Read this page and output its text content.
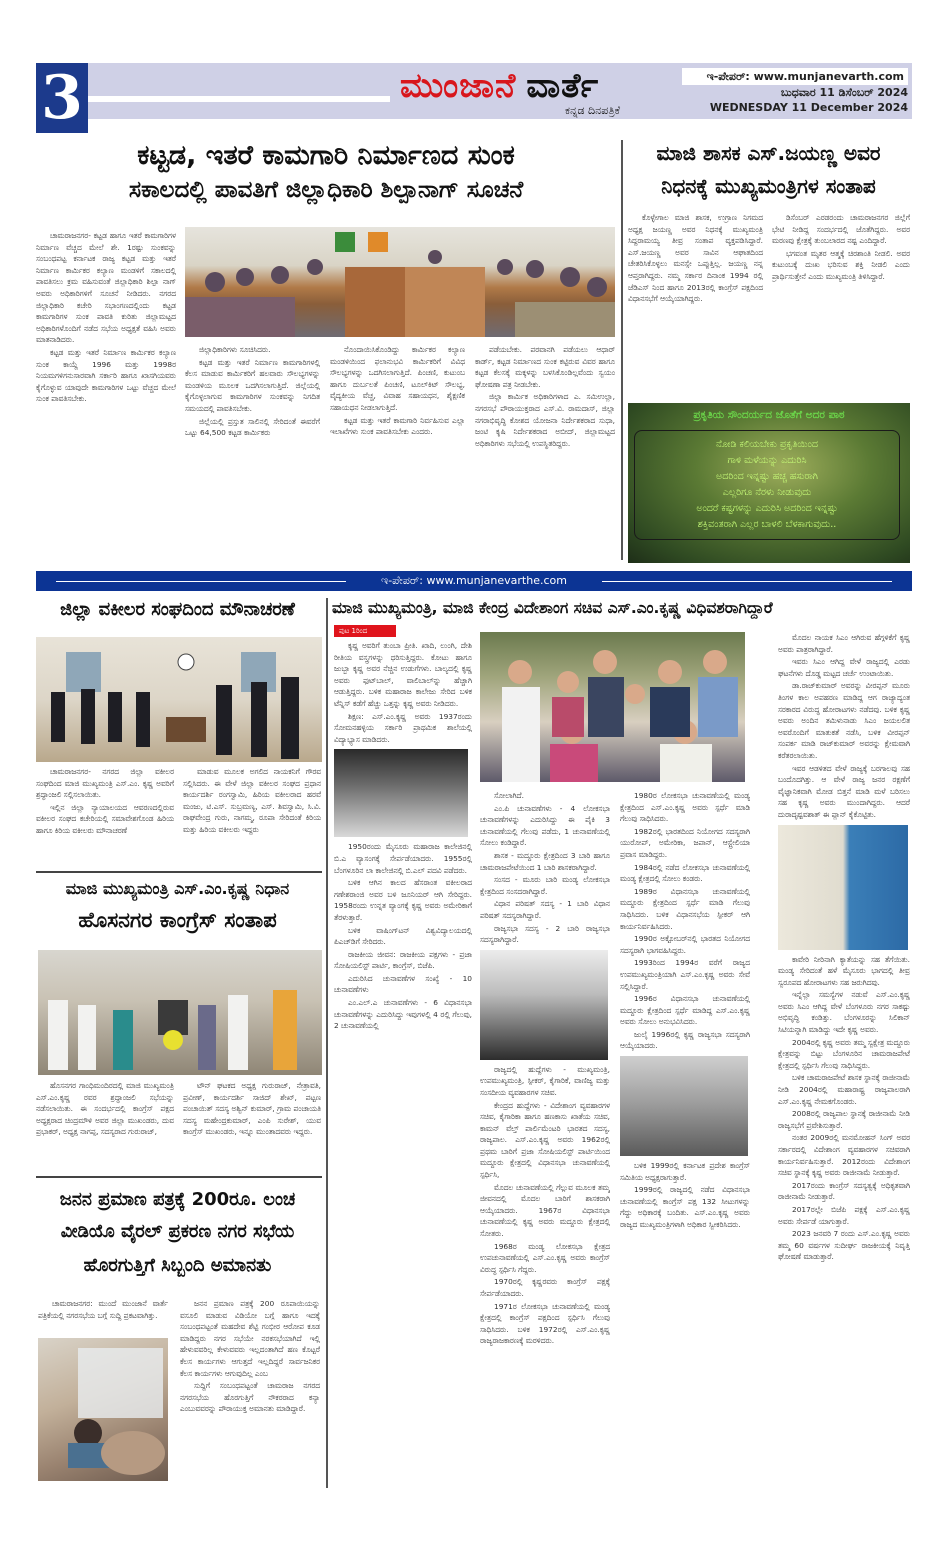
3	ಮುಂಜಾನೆ ವಾರ್ತೆ
ಕನ್ನಡ ದಿನಪತ್ರಿಕೆ
ಇ-ಪೇಪರ್: www.munjanevarth.com
ಬುಧವಾರ 11 ಡಿಸೆಂಬರ್ 2024
WEDNESDAY 11 December 2024
ಕಟ್ಟಡ, ಇತರೆ ಕಾಮಗಾರಿ ನಿರ್ಮಾಣದ ಸುಂಕ
ಸಕಾಲದಲ್ಲಿ ಪಾವತಿಗೆ ಜಿಲ್ಲಾಧಿಕಾರಿ ಶಿಲ್ಪಾನಾಗ್ ಸೂಚನೆ

ಚಾಮರಾಜನಗರ- ಕಟ್ಟಡ ಹಾಗೂ ಇತರೆ ಕಾಮಗಾರಿಗಳ ನಿರ್ಮಾಣ ವೆಚ್ಚದ ಮೇಲೆ ಶೇ. 1ರಷ್ಟು ಸುಂಕವನ್ನು ಸಂಬಂಧಪಟ್ಟ ಕರ್ನಾಟಕ ರಾಜ್ಯ ಕಟ್ಟಡ ಮತ್ತು ಇತರೆ ನಿರ್ಮಾಣ ಕಾರ್ಮಿಕರ ಕಲ್ಯಾಣ ಮಂಡಳಿಗೆ ಸಕಾಲದಲ್ಲಿ ಪಾವತಿಸಲು ಕ್ರಮ ವಹಿಸುವಂತೆ ಜಿಲ್ಲಾಧಿಕಾರಿ ಶಿಲ್ಪಾ ನಾಗ್ ಅವರು ಅಧಿಕಾರಿಗಳಿಗೆ ಸೂಚನೆ ನೀಡಿದರು. ನಗರದ ಜಿಲ್ಲಾಧಿಕಾರಿ ಕಚೇರಿ ಸಭಾಂಗಣದಲ್ಲಿಂದು ಕಟ್ಟಡ ಕಾಮಗಾರಿಗಳ ಸುಂಕ ಪಾವತಿ ಕುರಿತು ಜಿಲ್ಲಾಮಟ್ಟದ ಅಧಿಕಾರಿಗಳೊಂದಿಗೆ ನಡೆದ ಸಭೆಯ ಅಧ್ಯಕ್ಷತೆ ವಹಿಸಿ ಅವರು ಮಾತನಾಡಿದರು.

ಕಟ್ಟಡ ಮತ್ತು ಇತರೆ ನಿರ್ಮಾಣ ಕಾರ್ಮಿಕರ ಕಲ್ಯಾಣ ಸುಂಕ ಕಾಯ್ದೆ 1996 ಮತ್ತು 1998ರ ನಿಯಮಗಳಿಗನುಸಾರವಾಗಿ ಸರ್ಕಾರಿ ಹಾಗೂ ಖಾಸಗಿಯವರು ಕೈಗೊಳ್ಳುವ ಯಾವುದೇ ಕಾಮಗಾರಿಗಳ ಒಟ್ಟು ವೆಚ್ಚದ ಮೇಲೆ ಸುಂಕ ಪಾವತಿಸಬೇಕು.

ಜಿಲ್ಲಾಧಿಕಾರಿಗಳು ಸೂಚಿಸಿದರು.

ಕಟ್ಟಡ ಮತ್ತು ಇತರೆ ನಿರ್ಮಾಣ ಕಾಮಗಾರಿಗಳಲ್ಲಿ ಕೆಲಸ ಮಾಡುವ ಕಾರ್ಮಿಕರಿಗೆ ಹಲವಾರು ಸೌಲಭ್ಯಗಳನ್ನು ಮಂಡಳಿಯ ಮೂಲಕ ಒದಗಿಸಲಾಗುತ್ತಿದೆ. ಜಿಲ್ಲೆಯಲ್ಲಿ ಕೈಗೊಳ್ಳಲಾಗುವ ಕಾಮಗಾರಿಗಳ ಸುಂಕವನ್ನು ನಿಗದಿತ ಸಮಯದಲ್ಲಿ ಪಾವತಿಸಬೇಕು.

ಜಿಲ್ಲೆಯಲ್ಲಿ ಪ್ರಸ್ತುತ ಸಾಲಿನಲ್ಲಿ ಸೇರಿದಂತೆ ಈವರೆಗೆ ಒಟ್ಟು 64,500 ಕಟ್ಟಡ ಕಾರ್ಮಿಕರು

ನೊಂದಾಯಿಸಿಕೊಂಡಿದ್ದು ಕಾರ್ಮಿಕರ ಕಲ್ಯಾಣ ಮಂಡಳಿಯಿಂದ ಫಲಾನುಭವಿ ಕಾರ್ಮಿಕರಿಗೆ ವಿವಿಧ ಸೌಲಭ್ಯಗಳನ್ನು ಒದಗಿಸಲಾಗುತ್ತಿದೆ. ಪಿಂಚಣಿ, ಕುಟುಂಬ ಹಾಗೂ ದುರ್ಬಲತೆ ಪಿಂಚಣಿ, ಟೂಲ್‌ಕಿಟ್ ಸೌಲಭ್ಯ, ವೈದ್ಯಕೀಯ ವೆಚ್ಚ, ವಿವಾಹ ಸಹಾಯಧನ, ಶೈಕ್ಷಣಿಕ ಸಹಾಯಧನ ನೀಡಲಾಗುತ್ತಿದೆ.

ಕಟ್ಟಡ ಮತ್ತು ಇತರೆ ಕಾಮಗಾರಿ ನಿರ್ವಹಿಸುವ ಎಲ್ಲಾ ಇಲಾಖೆಗಳು ಸುಂಕ ಪಾವತಿಸಬೇಕು ಎಂದರು.

ಪಡೆಯಬೇಕು. ಪರವಾನಗಿ ಪಡೆಯಲು ಆಧಾರ್ ಕಾರ್ಡ್, ಕಟ್ಟಡ ನಿರ್ಮಾಣದ ಸುಂಕ ಕಟ್ಟಿರುವ ವಿವರ ಹಾಗೂ ಕಟ್ಟಡ ಕೆಲಸಕ್ಕೆ ಮಕ್ಕಳನ್ನು ಬಳಸಿಕೊಂಡಿಲ್ಲವೆಂದು ಸ್ವಯಂ ಘೋಷಣಾ ಪತ್ರ ನೀಡಬೇಕು.

ಜಿಲ್ಲಾ ಕಾರ್ಮಿಕ ಅಧಿಕಾರಿಗಳಾದ ಎ. ಸಮಿಉಲ್ಲಾ, ನಗರಸಭೆ ಪೌರಾಯುಕ್ತರಾದ ಎಸ್.ವಿ. ರಾಮದಾಸ್, ಜಿಲ್ಲಾ ನಗರಾಭಿವೃದ್ಧಿ ಕೋಶದ ಯೋಜನಾ ನಿರ್ದೇಶಕರಾದ ಸುಧಾ, ಜಂಟಿ ಕೃಷಿ ನಿರ್ದೇಶಕರಾದ ಅಬೀದ್, ಜಿಲ್ಲಾಮಟ್ಟದ ಅಧಿಕಾರಿಗಳು ಸಭೆಯಲ್ಲಿ ಉಪಸ್ಥಿತರಿದ್ದರು.

ಮಾಜಿ ಶಾಸಕ ಎಸ್.ಜಯಣ್ಣ ಅವರ
ನಿಧನಕ್ಕೆ ಮುಖ್ಯಮಂತ್ರಿಗಳ ಸಂತಾಪ

ಕೊಳ್ಳೇಗಾಲ ಮಾಜಿ ಶಾಸಕ, ಉಗ್ರಾಣ ನಿಗಮದ ಅಧ್ಯಕ್ಷ ಜಯಣ್ಣ ಅವರ ನಿಧನಕ್ಕೆ ಮುಖ್ಯಮಂತ್ರಿ ಸಿದ್ದರಾಮಯ್ಯ ತೀವ್ರ ಸಂತಾಪ ವ್ಯಕ್ತಪಡಿಸಿದ್ದಾರೆ. ಎಸ್.ಜಯಣ್ಣ ಅವರ ಸಾವಿನ ಆಘಾತದಿಂದ ಚೇತರಿಸಿಕೊಳ್ಳಲು ಮನಸ್ಸೇ ಒಪ್ಪುತ್ತಿಲ್ಲ. ಜಯಣ್ಣ ನನ್ನ ಆಪ್ತರಾಗಿದ್ದರು. ನಮ್ಮ ಸರ್ಕಾರ ದಿನಾಂಕ 1994 ರಲ್ಲಿ ಜೆಡಿಎಸ್ ನಿಂದ ಹಾಗೂ 2013ರಲ್ಲಿ ಕಾಂಗ್ರೆಸ್ ಪಕ್ಷದಿಂದ ವಿಧಾನಸಭೆಗೆ ಆಯ್ಕೆಯಾಗಿದ್ದರು.

ಡಿಸೆಂಬರ್ ಎರಡರಂದು ಚಾಮರಾಜನಗರ ಜಿಲ್ಲೆಗೆ ಭೇಟಿ ನೀಡಿದ್ದ ಸಂದರ್ಭದಲ್ಲಿ ಜೊತೆಗಿದ್ದರು. ಅವರ ಮರಣವು ಕ್ಷೇತ್ರಕ್ಕೆ ತುಂಬಲಾರದ ನಷ್ಟ ಎಂದಿದ್ದಾರೆ.

ಭಗವಂತ ಮೃತರ ಆತ್ಮಕ್ಕೆ ಚಿರಶಾಂತಿ ನೀಡಲಿ. ಅವರ ಕುಟುಂಬಕ್ಕೆ ದುಃಖ ಭರಿಸುವ ಶಕ್ತಿ ನೀಡಲಿ ಎಂದು ಪ್ರಾರ್ಥಿಸುತ್ತೇನೆ ಎಂದು ಮುಖ್ಯಮಂತ್ರಿ ತಿಳಿಸಿದ್ದಾರೆ.

ಪ್ರಕೃತಿಯ ಸೌಂದರ್ಯದ ಜೊತೆಗೆ ಅದರ ಪಾಠ
ನೋಡಿ ಕಲಿಯಬೇಕು ಪ್ರಕೃತಿಯಿಂದ
ಗಾಳಿ ಮಳೆಯನ್ನು ಎದುರಿಸಿ
ಅದರಿಂದ ಇನ್ನಷ್ಟು ಹಚ್ಚ ಹಸುರಾಗಿ
ಎಲ್ಲರಿಗೂ ನೆರಳು ನೀಡುವುದು
ಅಂದರೆ ಕಷ್ಟಗಳನ್ನು ಎದುರಿಸಿ ಅದರಿಂದ ಇನ್ನಷ್ಟು
ಶಕ್ತಿವಂತರಾಗಿ ಎಲ್ಲರ ಬಾಳಲಿ ಬೆಳಕಾಗುವುದು..
ಇ-ಪೇಪರ್: www.munjanevarthe.com
ಜಿಲ್ಲಾ ವಕೀಲರ ಸಂಘದಿಂದ ಮೌನಾಚರಣೆ

ಚಾಮರಾಜನಗರ- ನಗರದ ಜಿಲ್ಲಾ ವಕೀಲರ ಸಂಘದಿಂದ ಮಾಜಿ ಮುಖ್ಯಮಂತ್ರಿ ಎಸ್.ಎಂ. ಕೃಷ್ಣ ಅವರಿಗೆ ಶ್ರದ್ಧಾಂಜಲಿ ಸಲ್ಲಿಸಲಾಯಿತು.

ಇಲ್ಲಿನ ಜಿಲ್ಲಾ ನ್ಯಾಯಾಲಯದ ಆವರಣದಲ್ಲಿರುವ ವಕೀಲರ ಸಂಘದ ಕಚೇರಿಯಲ್ಲಿ ಸಮಾವೇಶಗೊಂಡ ಹಿರಿಯ ಹಾಗೂ ಕಿರಿಯ ವಕೀಲರು ಮೌನಾಚರಣೆ

ಮಾಡುವ ಮೂಲಕ ಅಗಲಿದ ನಾಯಕನಿಗೆ ಗೌರವ ಸಲ್ಲಿಸಿದರು. ಈ ವೇಳೆ ಜಿಲ್ಲಾ ವಕೀಲರ ಸಂಘದ ಪ್ರಧಾನ ಕಾರ್ಯದರ್ಶಿ ರಂಗಸ್ವಾಮಿ, ಹಿರಿಯ ವಕೀಲರಾದ ಹರವೆ ಮಂಜು, ಟಿ.ಎಸ್. ಸುಬ್ರಮಣ್ಯ, ಎಸ್. ಶಿವಸ್ವಾಮಿ, ಸಿ.ವಿ. ರಾಘವೇಂದ್ರ ಗುರು, ನಾಗಮ್ಮ, ರೂಪಾ ಸೇರಿದಂತೆ ಕಿರಿಯ ಮತ್ತು ಹಿರಿಯ ವಕೀಲರು ಇದ್ದರು

ಮಾಜಿ ಮುಖ್ಯಮಂತ್ರಿ ಎಸ್.ಎಂ.ಕೃಷ್ಣ ನಿಧಾನ
ಹೊಸನಗರ ಕಾಂಗ್ರೆಸ್ ಸಂತಾಪ

ಹೊಸನಗರ ಗಾಂಧಿಮಂದಿರದಲ್ಲಿ ಮಾಜಿ ಮುಖ್ಯಮಂತ್ರಿ ಎಸ್.ಎಂ.ಕೃಷ್ಣ ರವರ ಶ್ರದ್ಧಾಂಜಲಿ ಸಭೆಯನ್ನು ನಡೆಸಲಾಯಿತು. ಈ ಸಂದರ್ಭದಲ್ಲಿ ಕಾಂಗ್ರೆಸ್ ಪಕ್ಷದ ಅಧ್ಯಕ್ಷರಾದ ಚಿಂದ್ರಮೌಳಿ ಅವರ ಜಿಲ್ಲಾ ಮುಖಂಡರು, ದುವ ಪ್ರಭಾಕರ್, ಅಧ್ಯಕ್ಷ ನಾಗಪ್ಪ, ಸದಸ್ಯರಾದ ಗುರುರಾಜ್,

ಟೌನ್ ಘಟಕದ ಅಧ್ಯಕ್ಷ ಗುರುರಾಜ್, ನೇತ್ರಾವತಿ, ಪ್ರವೀಣ್, ಕಾರ್ಯದರ್ಶಿ ಸಾಜಿದ್ ಶೇಖ್, ಪಟ್ಟಣ ಪಂಚಾಯಿತ್ ಸದಸ್ಯ ಅಶ್ವಿನ್ ಕುಮಾರ್, ಗ್ರಾಮ ಪಂಚಾಯತಿ ಸದಸ್ಯ ಮಹೇಂದ್ರಕುಮಾರ್, ಎಂಪಿ ಸುರೇಶ್, ಯುವ ಕಾಂಗ್ರೆಸ್ ಮುಖಂಡರು, ಇನ್ನೂ ಮುಂತಾದವರು ಇದ್ದರು.

ಜನನ ಪ್ರಮಾಣ ಪತ್ರಕ್ಕೆ 200ರೂ. ಲಂಚ
ವೀಡಿಯೊ ವೈರಲ್ ಪ್ರಕರಣ ನಗರ ಸಭೆಯ
ಹೊರಗುತ್ತಿಗೆ ಸಿಬ್ಬಂದಿ ಅಮಾನತು

ಚಾಮರಾಜನಗರ: ಮುಂದೆ ಮುಂಜಾನೆ ವಾರ್ತೆ ಪತ್ರಿಕೆಯಲ್ಲಿ ನಗರಸಭೆಯ ಬಗ್ಗೆ ಸುದ್ದಿ ಪ್ರಕಟವಾಗಿತ್ತು.

ಜನನ ಪ್ರಮಾಣ ಪತ್ರಕ್ಕೆ 200 ರೂಪಾಯಿಯನ್ನು ವಸೂಲಿ ಮಾಡುವ ವಿಡಿಯೋ ಬಗ್ಗೆ ಹಾಗೂ ಇದಕ್ಕೆ ಸಂಬಂಧಪಟ್ಟಂತೆ ಮಹದೇವ ಶೆಟ್ಟಿ ಗಂಭೀರ ಆರೋಪ ಕೂಡ ಮಾಡಿದ್ದರು ನಗರ ಸಭೆಯೇ ನರಕಸಭೆಯಾಗಿದೆ ಇಲ್ಲಿ ಹೇಳುವವರಿಲ್ಲ ಕೇಳುವವರು ಇಲ್ಲದಂತಾಗಿದೆ ಹಣ ಕೊಟ್ಟರೆ ಕೆಲಸ ಕಾರ್ಯಗಳು ಆಗುತ್ತದೆ ಇಲ್ಲದಿದ್ದರೆ ಸಾರ್ವಜನಿಕರ ಕೆಲಸ ಕಾರ್ಯಗಳು ಆಗುವುದಿಲ್ಲ ಎಂಬ

ಸುದ್ದಿಗೆ ಸಂಬಂಧಪಟ್ಟಂತೆ ಚಾಮರಾಜ ನಗರದ ನಗರಸಭೆಯ ಹೊರಗುತ್ತಿಗೆ ನೌಕರರಾದ ಕನ್ಯಾ ಎಂಬುವವರನ್ನು ಪೌರಾಯುಕ್ತ ಅಮಾನತು ಮಾಡಿದ್ದಾರೆ.

ಮಾಜಿ ಮುಖ್ಯಮಂತ್ರಿ, ಮಾಜಿ ಕೇಂದ್ರ ವಿದೇಶಾಂಗ ಸಚಿವ ಎಸ್.ಎಂ.ಕೃಷ್ಣ ವಿಧಿವಶರಾಗಿದ್ದಾರೆ
ಪುಟ 1ರಿಂದ

ಕೃಷ್ಣ ಅವರಿಗೆ ತುಂಬಾ ಪ್ರೀತಿ. ಖಾದಿ, ಲುಂಗಿ, ದೇಶಿ ರೀತಿಯ ವಸ್ತ್ರಗಳನ್ನು ಧರಿಸುತ್ತಿದ್ದರು. ಕೋಟು ಹಾಗೂ ಜುಬ್ಬಾ ಕೃಷ್ಣ ಅವರ ನೆಚ್ಚಿನ ಉಡುಗೆಗಳು. ಬಾಲ್ಯದಲ್ಲಿ ಕೃಷ್ಣ ಅವರು ಫುಟ್‌ಬಾಲ್, ವಾಲಿಬಾಲ್‌ನ್ನು ಹೆಚ್ಚಾಗಿ ಆಡುತ್ತಿದ್ದರು. ಬಳಿಕ ಮಹಾರಾಜ ಕಾಲೇಜು ಸೇರಿದ ಬಳಿಕ ಟೆನ್ನಿಸ್ ಕಡೆಗೆ ಹೆಚ್ಚು ಒತ್ತನ್ನು ಕೃಷ್ಣ ಅವರು ನೀಡಿದರು.

ಶಿಕ್ಷಣ: ಎಸ್.ಎಂ.ಕೃಷ್ಣ ಅವರು 1937ರಂದು ಸೋಮನಹಳ್ಳಿಯ ಸರ್ಕಾರಿ ಪ್ರಾಥಮಿಕ ಶಾಲೆಯಲ್ಲಿ ವಿದ್ಯಾಭ್ಯಾಸ ಮಾಡಿದರು.

1950ರಂದು ಮೈಸೂರು ಮಹಾರಾಜ ಕಾಲೇಜಿನಲ್ಲಿ ಬಿ.ಎ ವ್ಯಾಸಂಗಕ್ಕೆ ಸೇರ್ಪಡೆಯಾದರು. 1955ರಲ್ಲಿ ಬೆಂಗಳೂರಿನ ಲಾ ಕಾಲೇಜಿನಲ್ಲಿ ಬಿ.ಎಲ್ ಪದವಿ ಪಡೆದರು.

ಬಳಿಕ ಆಗಿನ ಕಾಲದ ಹೆಸರಾಂತ ವಕೀಲರಾದ ಗಣೇಶರಾಂಜಿ ಅವರ ಬಳಿ ಜೂನಿಯರ್ ಆಗಿ ಸೇರಿದ್ದರು. 1958ರಂದು ಉನ್ನತ ವ್ಯಾಂಗಕ್ಕೆ ಕೃಷ್ಣ ಅವರು ಅಮೇರಿಕಾಗೆ ತೆರಳುತ್ತಾರೆ.

ಬಳಿಕ ವಾಷಿಂಗ್‌ಟನ್ ವಿಶ್ವವಿದ್ಯಾಲಯದಲ್ಲಿ ಪಿಎಚ್‌ಡಿಗೆ ಸೇರಿದರು.

ರಾಜಕೀಯ ಜೀವನ: ರಾಜಕೀಯ ಪಕ್ಷಗಳು - ಪ್ರಜಾ ಸೋಷಿಯಲಿಸ್ಟ್ ಪಾರ್ಟಿ, ಕಾಂಗ್ರೆಸ್, ಬಿಜೆಪಿ.

ಎದುರಿಸಿದ ಚುನಾವಣೆಗಳ ಸಂಖ್ಯೆ - 10 ಚುನಾವಣೆಗಳು

ಎಂ.ಎಲ್.ಎ ಚುನಾವಣೆಗಳು - 6 ವಿಧಾನಸಭಾ ಚುನಾವಣೆಗಳನ್ನು ಎದುರಿಸಿದ್ದು ಇವುಗಳಲ್ಲಿ 4 ರಲ್ಲಿ ಗೆಲುವು, 2 ಚುನಾವಣೆಯಲ್ಲಿ

ಸೋಲಾಗಿದೆ.

ಎಂ.ಪಿ ಚುನಾವಣೆಗಳು - 4 ಲೋಕಸಭಾ ಚುನಾವಣೆಗಳನ್ನು ಎದುರಿಸಿದ್ದು ಈ ಪೈಕಿ 3 ಚುನಾವಣೆಯಲ್ಲಿ ಗೆಲುವು ಪಡೆದು, 1 ಚುನಾವಣೆಯಲ್ಲಿ ಸೋಲು ಕಂಡಿದ್ದಾರೆ.

ಶಾಸಕ - ಮದ್ದೂರು ಕ್ಷೇತ್ರದಿಂದ 3 ಬಾರಿ ಹಾಗೂ ಚಾಮರಾಜಪೇಟೆಯಿಂದ 1 ಬಾರಿ ಶಾಸಕರಾಗಿದ್ದಾರೆ.

ಸಂಸದ - ಮೂರು ಬಾರಿ ಮಂಡ್ಯ ಲೋಕಸಭಾ ಕ್ಷೇತ್ರದಿಂದ ಸಂಸದರಾಗಿದ್ದಾರೆ.

ವಿಧಾನ ಪರಿಷತ್ ಸದಸ್ಯ - 1 ಬಾರಿ ವಿಧಾನ ಪರಿಷತ್ ಸದಸ್ಯರಾಗಿದ್ದಾರೆ.

ರಾಜ್ಯಸಭಾ ಸದಸ್ಯ - 2 ಬಾರಿ ರಾಜ್ಯಸಭಾ ಸದಸ್ಯರಾಗಿದ್ದಾರೆ.

ರಾಜ್ಯದಲ್ಲಿ ಹುದ್ದೆಗಳು - ಮುಖ್ಯಮಂತ್ರಿ, ಉಪಮುಖ್ಯಮಂತ್ರಿ, ಸ್ಪೀಕರ್, ಕೈಗಾರಿಕೆ, ವಾಣಿಜ್ಯ ಮತ್ತು ಸಂಸದೀಯ ವ್ಯವಹಾರಗಳ ಸಚಿವ.

ಕೇಂದ್ರದ ಹುದ್ದೆಗಳು - ವಿದೇಶಾಂಗ ವ್ಯವಹಾರಗಳ ಸಚಿವ, ಕೈಗಾರಿಕಾ ಹಾಗೂ ಹಣಕಾಸು ಖಾತೆಯ ಸಚಿವ, ಕಾಮನ್ ವೆಲ್ತ್ ಪಾರ್ಲಿಮೆಂಟರಿ ಭಾರತದ ಸದಸ್ಯ, ರಾಜ್ಯಪಾಲ. ಎಸ್.ಎಂ.ಕೃಷ್ಣ ಅವರು 1962ರಲ್ಲಿ ಪ್ರಥಮ ಬಾರಿಗೆ ಪ್ರಜಾ ಸೋಷಿಯಲಿಸ್ಟ್ ಪಾರ್ಟಿಯಿಂದ ಮದ್ದೂರು ಕ್ಷೇತ್ರದಲ್ಲಿ ವಿಧಾನಸಭಾ ಚುನಾವಣೆಯಲ್ಲಿ ಸ್ಪರ್ಧಿಸಿ,

ಮೊದಲ ಚುನಾವಣೆಯಲ್ಲಿ ಗೆಲ್ಲುವ ಮೂಲಕ ತಮ್ಮ ಜೀವನದಲ್ಲಿ ಮೊದಲ ಬಾರಿಗೆ ಶಾಸಕರಾಗಿ ಆಯ್ಕೆಯಾದರು. 1967ರ ವಿಧಾನಸಭಾ ಚುನಾವಣೆಯಲ್ಲಿ ಕೃಷ್ಣ ಅವರು ಮದ್ದೂರು ಕ್ಷೇತ್ರದಲ್ಲಿ ಸೋತರು.

1968ರ ಮಂಡ್ಯ ಲೋಕಸಭಾ ಕ್ಷೇತ್ರದ ಉಪಚುನಾವಣೆಯಲ್ಲಿ ಎಸ್.ಎಂ.ಕೃಷ್ಣ ಅವರು ಕಾಂಗ್ರೆಸ್ ವಿರುದ್ಧ ಸ್ಪರ್ಧಿಸಿ ಗೆದ್ದರು.

1970ರಲ್ಲಿ ಕೃಷ್ಣರವರು ಕಾಂಗ್ರೆಸ್ ಪಕ್ಷಕ್ಕೆ ಸೇರ್ಪಡೆಯಾದರು.

1971ರ ಲೋಕಸಭಾ ಚುನಾವಣೆಯಲ್ಲಿ ಮಂಡ್ಯ ಕ್ಷೇತ್ರದಲ್ಲಿ ಕಾಂಗ್ರೆಸ್ ಪಕ್ಷದಿಂದ ಸ್ಪರ್ಧಿಸಿ ಗೆಲುವು ಸಾಧಿಸಿದರು. ಬಳಿಕ 1972ರಲ್ಲಿ ಎಸ್.ಎಂ.ಕೃಷ್ಣ ರಾಜ್ಯರಾಜಕಾರಣಕ್ಕೆ ಮರಳಿದರು.

1980ರ ಲೋಕಸಭಾ ಚುನಾವಣೆಯಲ್ಲಿ ಮಂಡ್ಯ ಕ್ಷೇತ್ರದಿಂದ ಎಸ್.ಎಂ.ಕೃಷ್ಣ ಅವರು ಸ್ಪರ್ಧೆ ಮಾಡಿ ಗೆಲುವು ಸಾಧಿಸಿದರು.

1982ರಲ್ಲಿ ಭಾರತದಿಂದ ನಿಯೋಗದ ಸದಸ್ಯರಾಗಿ ಯುರೋಪ್, ಅಮೇರಿಕಾ, ಜಪಾನ್, ಆಸ್ಟ್ರೇಲಿಯಾ ಪ್ರವಾಸ ಮಾಡಿದ್ದರು.

1984ರಲ್ಲಿ ನಡೆದ ಲೋಕಸಭಾ ಚುನಾವಣೆಯಲ್ಲಿ ಮಂಡ್ಯ ಕ್ಷೇತ್ರದಲ್ಲಿ ಸೋಲು ಕಂಡರು.

1989ರ ವಿಧಾನಸಭಾ ಚುನಾವಣೆಯಲ್ಲಿ ಮದ್ದೂರು ಕ್ಷೇತ್ರದಿಂದ ಸ್ಪರ್ಧೆ ಮಾಡಿ ಗೆಲುವು ಸಾಧಿಸಿದರು. ಬಳಿಕ ವಿಧಾನಸಭೆಯ ಸ್ಪೀಕರ್ ಆಗಿ ಕಾರ್ಯನಿರ್ವಹಿಸಿದರು.

1990ರ ಅಕ್ಟೋಬರ್‌ನಲ್ಲಿ ಭಾರತದ ನಿಯೋಗದ ಸದಸ್ಯರಾಗಿ ಭಾಗವಹಿಸಿದ್ದರು.

1993ರಿಂದ 1994ರ ವರೆಗೆ ರಾಜ್ಯದ ಉಪಮುಖ್ಯಮಂತ್ರಿಯಾಗಿ ಎಸ್.ಎಂ.ಕೃಷ್ಣ ಅವರು ಸೇವೆ ಸಲ್ಲಿಸಿದ್ದಾರೆ.

1996ರ ವಿಧಾನಸಭಾ ಚುನಾವಣೆಯಲ್ಲಿ ಮದ್ದೂರು ಕ್ಷೇತ್ರದಿಂದ ಸ್ಪರ್ಧೆ ಮಾಡಿದ್ದ ಎಸ್.ಎಂ.ಕೃಷ್ಣ ಅವರು ಸೋಲು ಅನುಭವಿಸಿದರು.

ಜುಲೈ 1996ರಲ್ಲಿ ಕೃಷ್ಣ ರಾಜ್ಯಸಭಾ ಸದಸ್ಯರಾಗಿ ಆಯ್ಕೆಯಾದರು.

ಬಳಿಕ 1999ರಲ್ಲಿ ಕರ್ನಾಟಕ ಪ್ರದೇಶ ಕಾಂಗ್ರೆಸ್ ಸಮಿತಿಯ ಅಧ್ಯಕ್ಷರಾಗುತ್ತಾರೆ.

1999ರಲ್ಲಿ ರಾಜ್ಯದಲ್ಲಿ ನಡೆದ ವಿಧಾನಸಭಾ ಚುನಾವಣೆಯಲ್ಲಿ ಕಾಂಗ್ರೆಸ್ ಪಕ್ಷ 132 ಸೀಟುಗಳನ್ನು ಗೆದ್ದು ಅಧಿಕಾರಕ್ಕೆ ಬಂದಿತು. ಎಸ್.ಎಂ.ಕೃಷ್ಣ ಅವರು ರಾಜ್ಯದ ಮುಖ್ಯಮಂತ್ರಿಗಳಾಗಿ ಅಧಿಕಾರ ಸ್ವೀಕರಿಸಿದರು.

ಮೊದಲ ನಾಯಕ ಸಿಎಂ ಆಗಿರುವ ಹೆಗ್ಗಳಿಕೆಗೆ ಕೃಷ್ಣ ಅವರು ಪಾತ್ರರಾಗಿದ್ದಾರೆ.

ಇವರು ಸಿಎಂ ಆಗಿದ್ದ ವೇಳೆ ರಾಜ್ಯದಲ್ಲಿ ಎರಡು ಘಟನೆಗಳು ದೊಡ್ಡ ಮಟ್ಟದ ಚರ್ಚೆ ಉಂಟಾಯಿತು.

ಡಾ.ರಾಜ್‌ಕುಮಾರ್ ಅವರನ್ನು ವೀರಪ್ಪನ್ ಮೂರು ತಿಂಗಳ ಕಾಲ ಅಪಹರಣ ಮಾಡಿದ್ದ ಆಗ ರಾಜ್ಯಾದ್ಯಂತ ಸರಕಾರದ ವಿರುದ್ಧ ಹೋರಾಟಗಳು ನಡೆದವು. ಬಳಿಕ ಕೃಷ್ಣ ಅವರು ಅಂದಿನ ತಮಿಳುನಾಡು ಸಿಎಂ ಜಯಲಲಿತ ಅವರೊಂದಿಗೆ ಮಾತುಕತೆ ನಡೆಸಿ, ಬಳಿಕ ವೀರಪ್ಪನ್ ಸಂಪರ್ಕ ಮಾಡಿ ರಾಜ್‌ಕುಮಾರ್ ಅವರನ್ನು ಕ್ಷೇಮವಾಗಿ ಕರೆತರಲಾಯಿತು.

ಇವರ ಆಡಳಿತದ ವೇಳೆ ರಾಜ್ಯಕ್ಕೆ ಬರಗಾಲವು ಸಹ ಬಂದೊದಗಿತ್ತು. ಆ ವೇಳೆ ರಾಜ್ಯ ಜನರ ರಕ್ಷಣೆಗೆ ವೈಜ್ಞಾನಿಕವಾಗಿ ಮೋಡ ಬಿತ್ತನೆ ಮಾಡಿ ಮಳೆ ಬರಿಸಲು ಸಹ ಕೃಷ್ಣ ಅವರು ಮುಂದಾಗಿದ್ದರು. ಆದರೆ ದುರಾದೃಷ್ಟವಶಾತ್ ಈ ಪ್ಲಾನ್ ಕೈಕೊಟ್ಟಿತು.

ಕಾವೇರಿ ನೀರಿನಾಗಿ ಕ್ಯಾತೆಯನ್ನು ಸಹ ತೆಗೆಯಿತು. ಮಂಡ್ಯ ಸೇರಿದಂತೆ ಹಳೆ ಮೈಸೂರು ಭಾಗದಲ್ಲಿ ತೀವ್ರ ಸ್ವರೂಪದ ಹೋರಾಟಗಳು ಸಹ ಜರುಗಿದವು.

ಇನ್ನೆಲ್ಲಾ ಸಮಸ್ಯೆಗಳ ನಡುವೆ ಎಸ್.ಎಂ.ಕೃಷ್ಣ ಅವರು ಸಿಎಂ ಆಗಿದ್ದ ವೇಳೆ ಬೆಂಗಳೂರು ನಗರ ಸಾಕಷ್ಟು ಅಭಿವೃದ್ಧಿ ಕಂಡಿತ್ತು. ಬೆಂಗಳೂರನ್ನು ಸಿಲಿಕಾನ್ ಸಿಟಿಯನ್ನಾಗಿ ಮಾಡಿದ್ದು ಇದೇ ಕೃಷ್ಣ ಅವರು.

2004ರಲ್ಲಿ ಕೃಷ್ಣ ಅವರು ತಮ್ಮ ಸ್ವಕ್ಷೇತ್ರ ಮದ್ದೂರು ಕ್ಷೇತ್ರವನ್ನು ಬಿಟ್ಟು ಬೆಂಗಳೂರಿನ ಚಾಮರಾಜಪೇಟೆ ಕ್ಷೇತ್ರದಲ್ಲಿ ಸ್ಪರ್ಧಿಸಿ ಗೆಲುವು ಸಾಧಿಸಿದ್ದರು.

ಬಳಿಕ ಚಾಮರಾಜಪೇಟೆ ಶಾಸಕ ಸ್ಥಾನಕ್ಕೆ ರಾಜೀನಾಮೆ ನೀಡಿ 2004ರಲ್ಲಿ ಮಹಾರಾಷ್ಟ್ರ ರಾಜ್ಯಪಾಲರಾಗಿ ಎಸ್.ಎಂ.ಕೃಷ್ಣ ನೇಮಕಗೊಂಡರು.

2008ರಲ್ಲಿ ರಾಜ್ಯಪಾಲ ಸ್ಥಾನಕ್ಕೆ ರಾಜೀನಾಮೆ ನೀಡಿ ರಾಜ್ಯಸಭೆಗೆ ಪ್ರವೇಶಿಸುತ್ತಾರೆ.

ನಂತರ 2009ರಲ್ಲಿ ಮನಮೋಹನ್ ಸಿಂಗ್ ಅವರ ಸರ್ಕಾರದಲ್ಲಿ ವಿದೇಶಾಂಗ ವ್ಯವಹಾರಗಳ ಸಚಿವರಾಗಿ ಕಾರ್ಯನಿರ್ವಹಿಸುತ್ತಾರೆ. 2012ರಂದು ವಿದೇಶಾಂಗ ಸಚಿವ ಸ್ಥಾನಕ್ಕೆ ಕೃಷ್ಣ ಅವರು ರಾಜೀನಾಮೆ ನೀಡುತ್ತಾರೆ.

2017ರಂದು ಕಾಂಗ್ರೆಸ್ ಸದಸ್ಯತ್ವಕ್ಕೆ ಅಧಿಕೃತವಾಗಿ ರಾಜೀನಾಮೆ ನೀಡುತ್ತಾರೆ.

2017ರಲ್ಲೇ ಬಿಜೆಪಿ ಪಕ್ಷಕ್ಕೆ ಎಸ್.ಎಂ.ಕೃಷ್ಣ ಅವರು ಸೇರ್ಪಡೆ ಯಾಗುತ್ತಾರೆ.

2023 ಜನವರಿ 7 ರಂದು ಎಸ್.ಎಂ.ಕೃಷ್ಣ ಅವರು ತಮ್ಮ 60 ವರ್ಷಗಳ ಸುದೀರ್ಘ ರಾಜಕೀಯಕ್ಕೆ ನಿವೃತ್ತಿ ಘೋಷಣೆ ಮಾಡುತ್ತಾರೆ.
